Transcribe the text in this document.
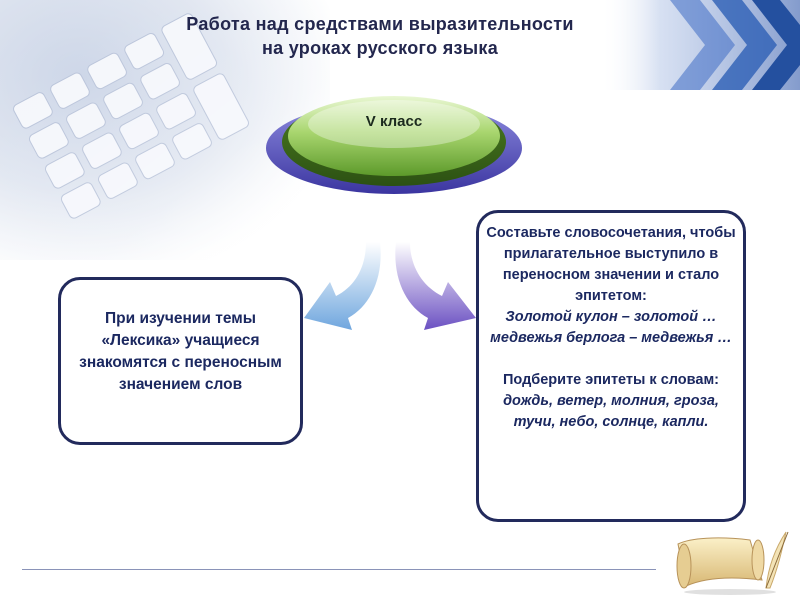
Работа над средствами выразительности
на уроках русского языка
V класс
При изучении темы «Лексика» учащиеся знакомятся с переносным значением слов
Составьте словосочетания, чтобы прилагательное выступило в переносном значении и стало эпитетом:
Золотой кулон – золотой …
медвежья берлога – медвежья …
Подберите эпитеты к словам: дождь, ветер, молния, гроза, тучи, небо, солнце, капли.
